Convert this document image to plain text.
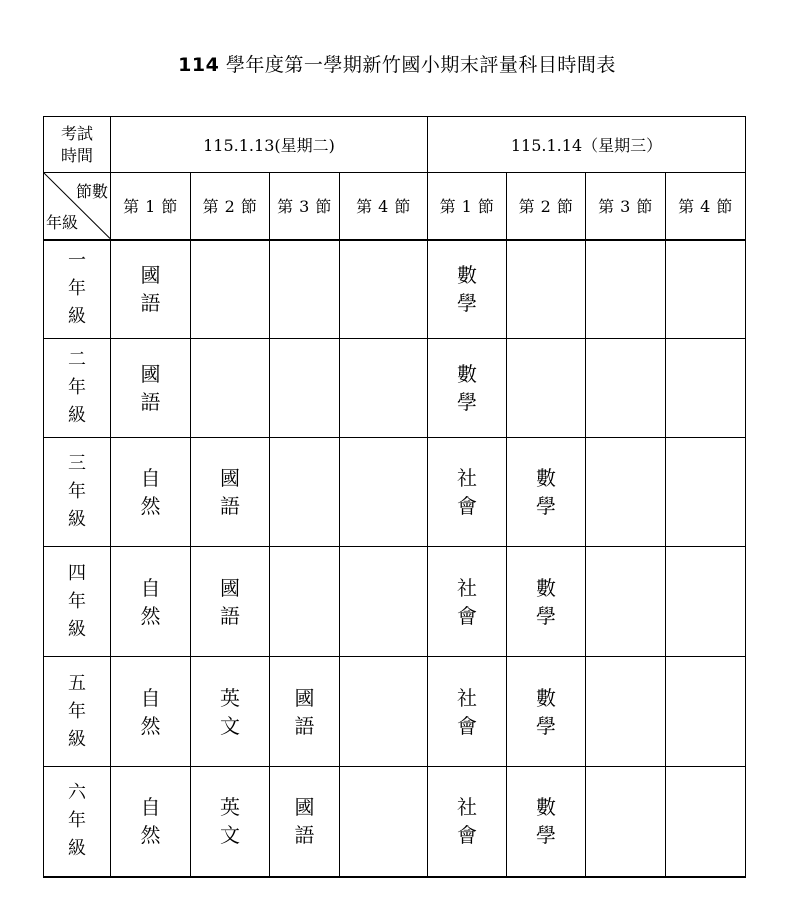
114 學年度第一學期新竹國小期末評量科目時間表
考試
時間	115.1.13(星期二)				115.1.14（星期三）			

節數
年級	第 1 節	第 2 節	第 3 節	第 4 節	第 1 節	第 2 節	第 3 節	第 4 節
一年級	國語				數學			
二年級	國語				數學			
三年級	自然	國語			社會	數學		
四年級	自然	國語			社會	數學		
五年級	自然	英文	國語		社會	數學		
六年級	自然	英文	國語		社會	數學		
